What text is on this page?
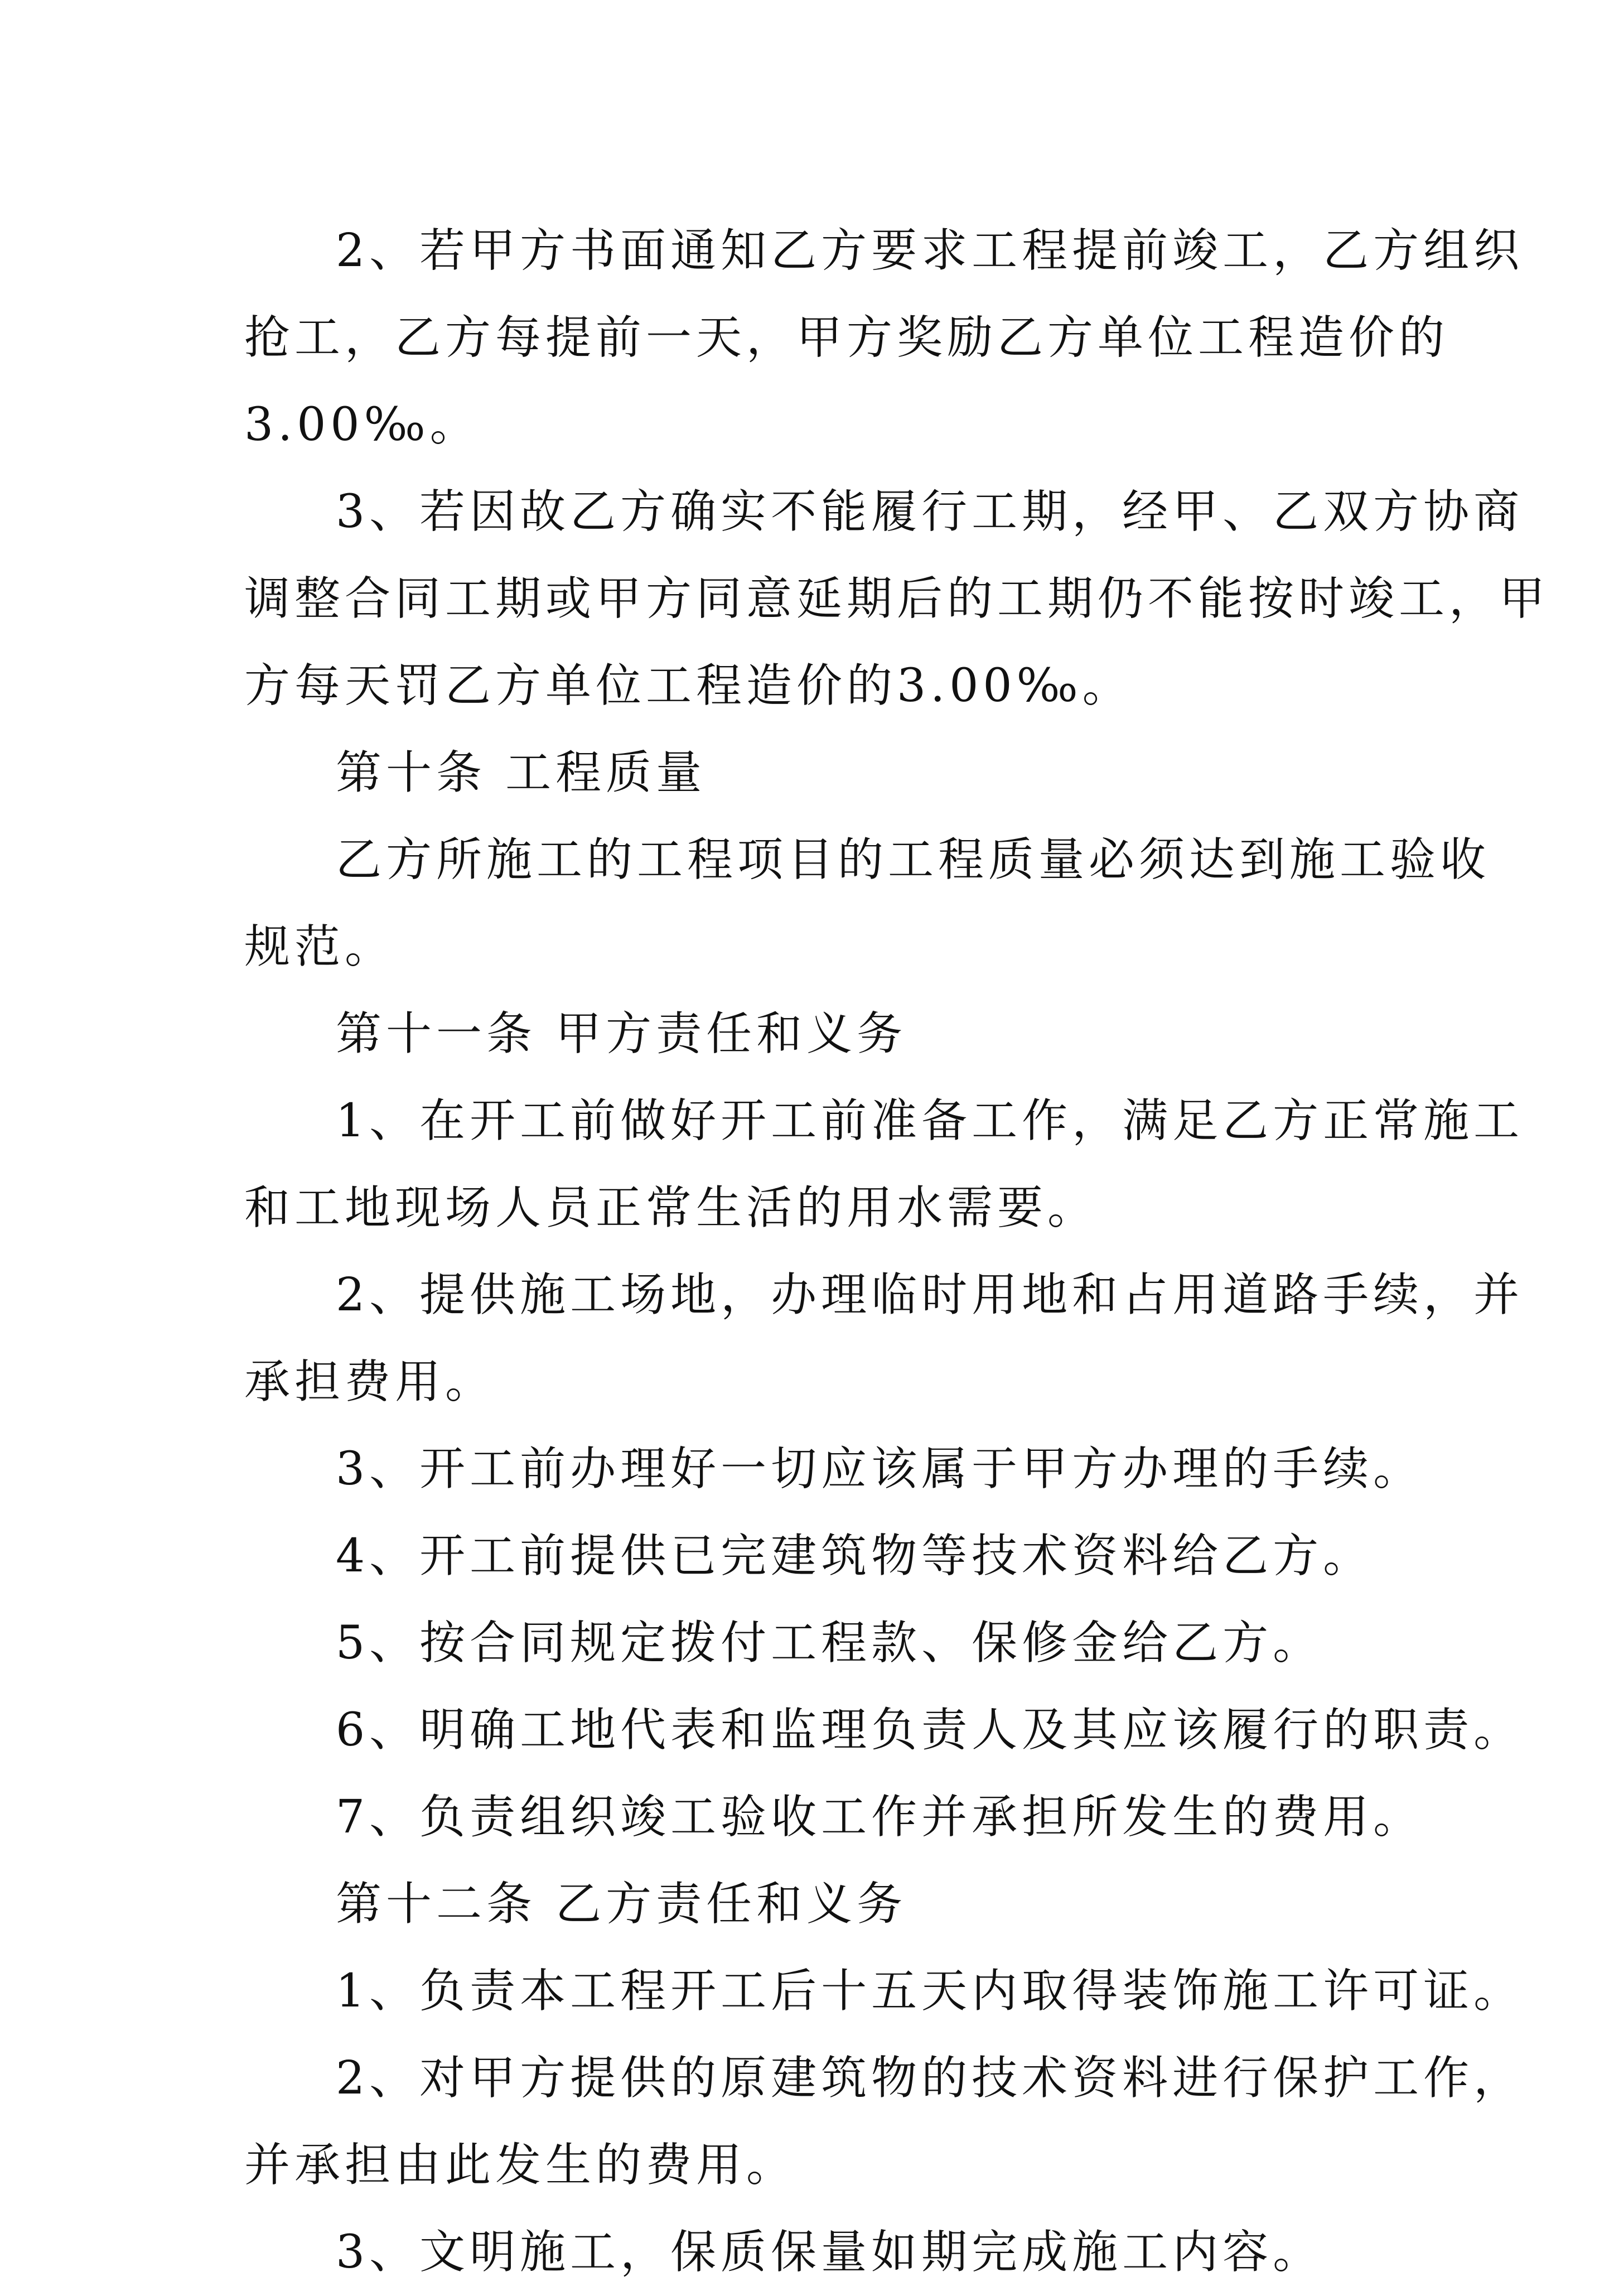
2、若甲方书面通知乙方要求工程提前竣工，乙方组织
抢工，乙方每提前一天，甲方奖励乙方单位工程造价的
3.00‰。
3、若因故乙方确实不能履行工期，经甲、乙双方协商
调整合同工期或甲方同意延期后的工期仍不能按时竣工，甲
方每天罚乙方单位工程造价的3.00‰。
第十条 工程质量
乙方所施工的工程项目的工程质量必须达到施工验收
规范。
第十一条 甲方责任和义务
1、在开工前做好开工前准备工作，满足乙方正常施工
和工地现场人员正常生活的用水需要。
2、提供施工场地，办理临时用地和占用道路手续，并
承担费用。
3、开工前办理好一切应该属于甲方办理的手续。
4、开工前提供已完建筑物等技术资料给乙方。
5、按合同规定拨付工程款、保修金给乙方。
6、明确工地代表和监理负责人及其应该履行的职责。
7、负责组织竣工验收工作并承担所发生的费用。
第十二条 乙方责任和义务
1、负责本工程开工后十五天内取得装饰施工许可证。
2、对甲方提供的原建筑物的技术资料进行保护工作，
并承担由此发生的费用。
3、文明施工，保质保量如期完成施工内容。
